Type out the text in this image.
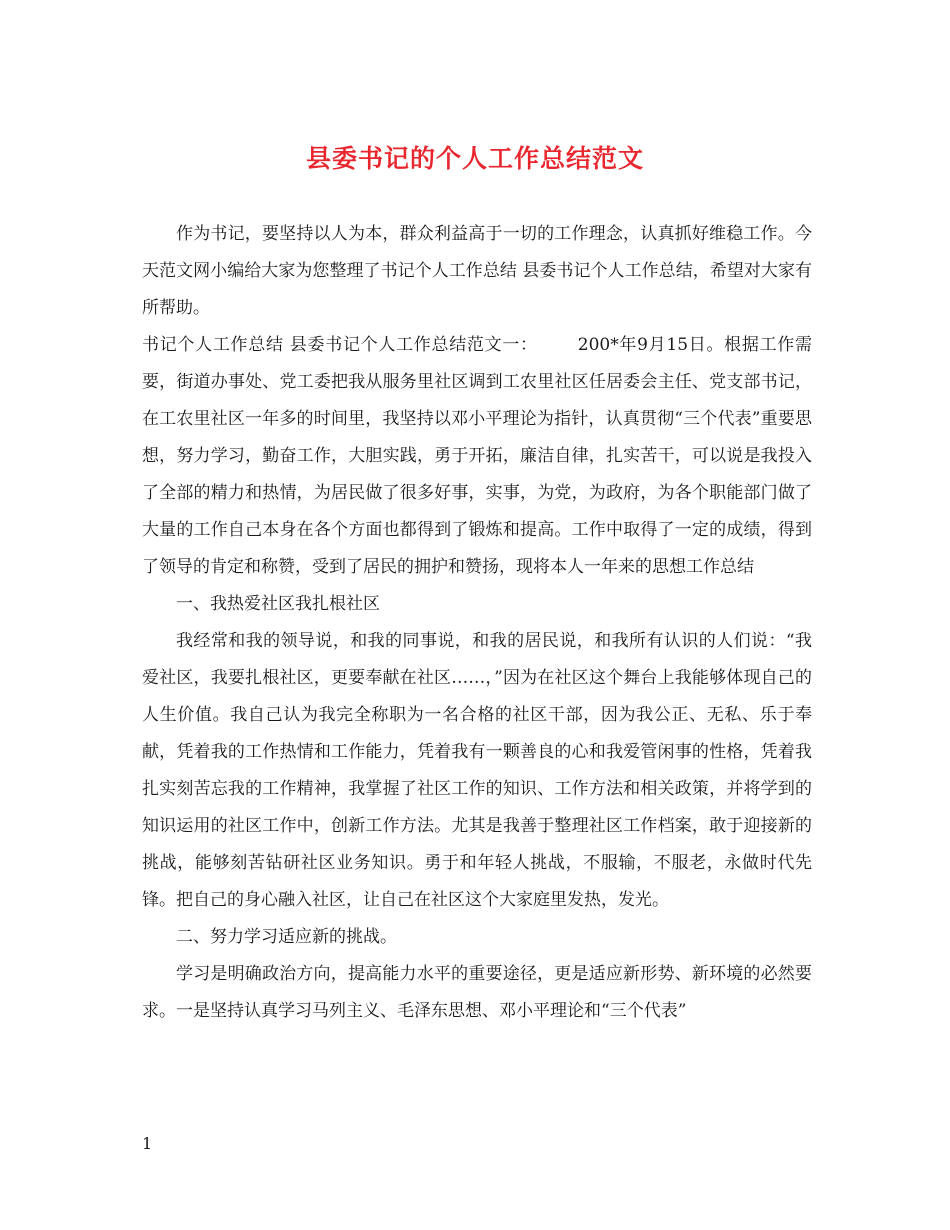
县委书记的个人工作总结范文

作为书记，要坚持以人为本，群众利益高于一切的工作理念，认真抓好维稳工作。今天范文网小编给大家为您整理了书记个人工作总结 县委书记个人工作总结，希望对大家有所帮助。

书记个人工作总结 县委书记个人工作总结范文一： 200*年9月15日。根据工作需要，街道办事处、党工委把我从服务里社区调到工农里社区任居委会主任、党支部书记，在工农里社区一年多的时间里，我坚持以邓小平理论为指针，认真贯彻“三个代表”重要思想，努力学习，勤奋工作，大胆实践，勇于开拓，廉洁自律，扎实苦干，可以说是我投入了全部的精力和热情，为居民做了很多好事，实事，为党，为政府，为各个职能部门做了大量的工作自己本身在各个方面也都得到了锻炼和提高。工作中取得了一定的成绩，得到了领导的肯定和称赞，受到了居民的拥护和赞扬，现将本人一年来的思想工作总结

一、我热爱社区我扎根社区

我经常和我的领导说，和我的同事说，和我的居民说，和我所有认识的人们说：“我爱社区，我要扎根社区，更要奉献在社区……，”因为在社区这个舞台上我能够体现自己的人生价值。我自己认为我完全称职为一名合格的社区干部，因为我公正、无私、乐于奉献，凭着我的工作热情和工作能力，凭着我有一颗善良的心和我爱管闲事的性格，凭着我扎实刻苦忘我的工作精神，我掌握了社区工作的知识、工作方法和相关政策，并将学到的知识运用的社区工作中，创新工作方法。尤其是我善于整理社区工作档案，敢于迎接新的挑战，能够刻苦钻研社区业务知识。勇于和年轻人挑战，不服输，不服老，永做时代先锋。把自己的身心融入社区，让自己在社区这个大家庭里发热，发光。

二、努力学习适应新的挑战。

学习是明确政治方向，提高能力水平的重要途径，更是适应新形势、新环境的必然要求。一是坚持认真学习马列主义、毛泽东思想、邓小平理论和“三个代表”

1
